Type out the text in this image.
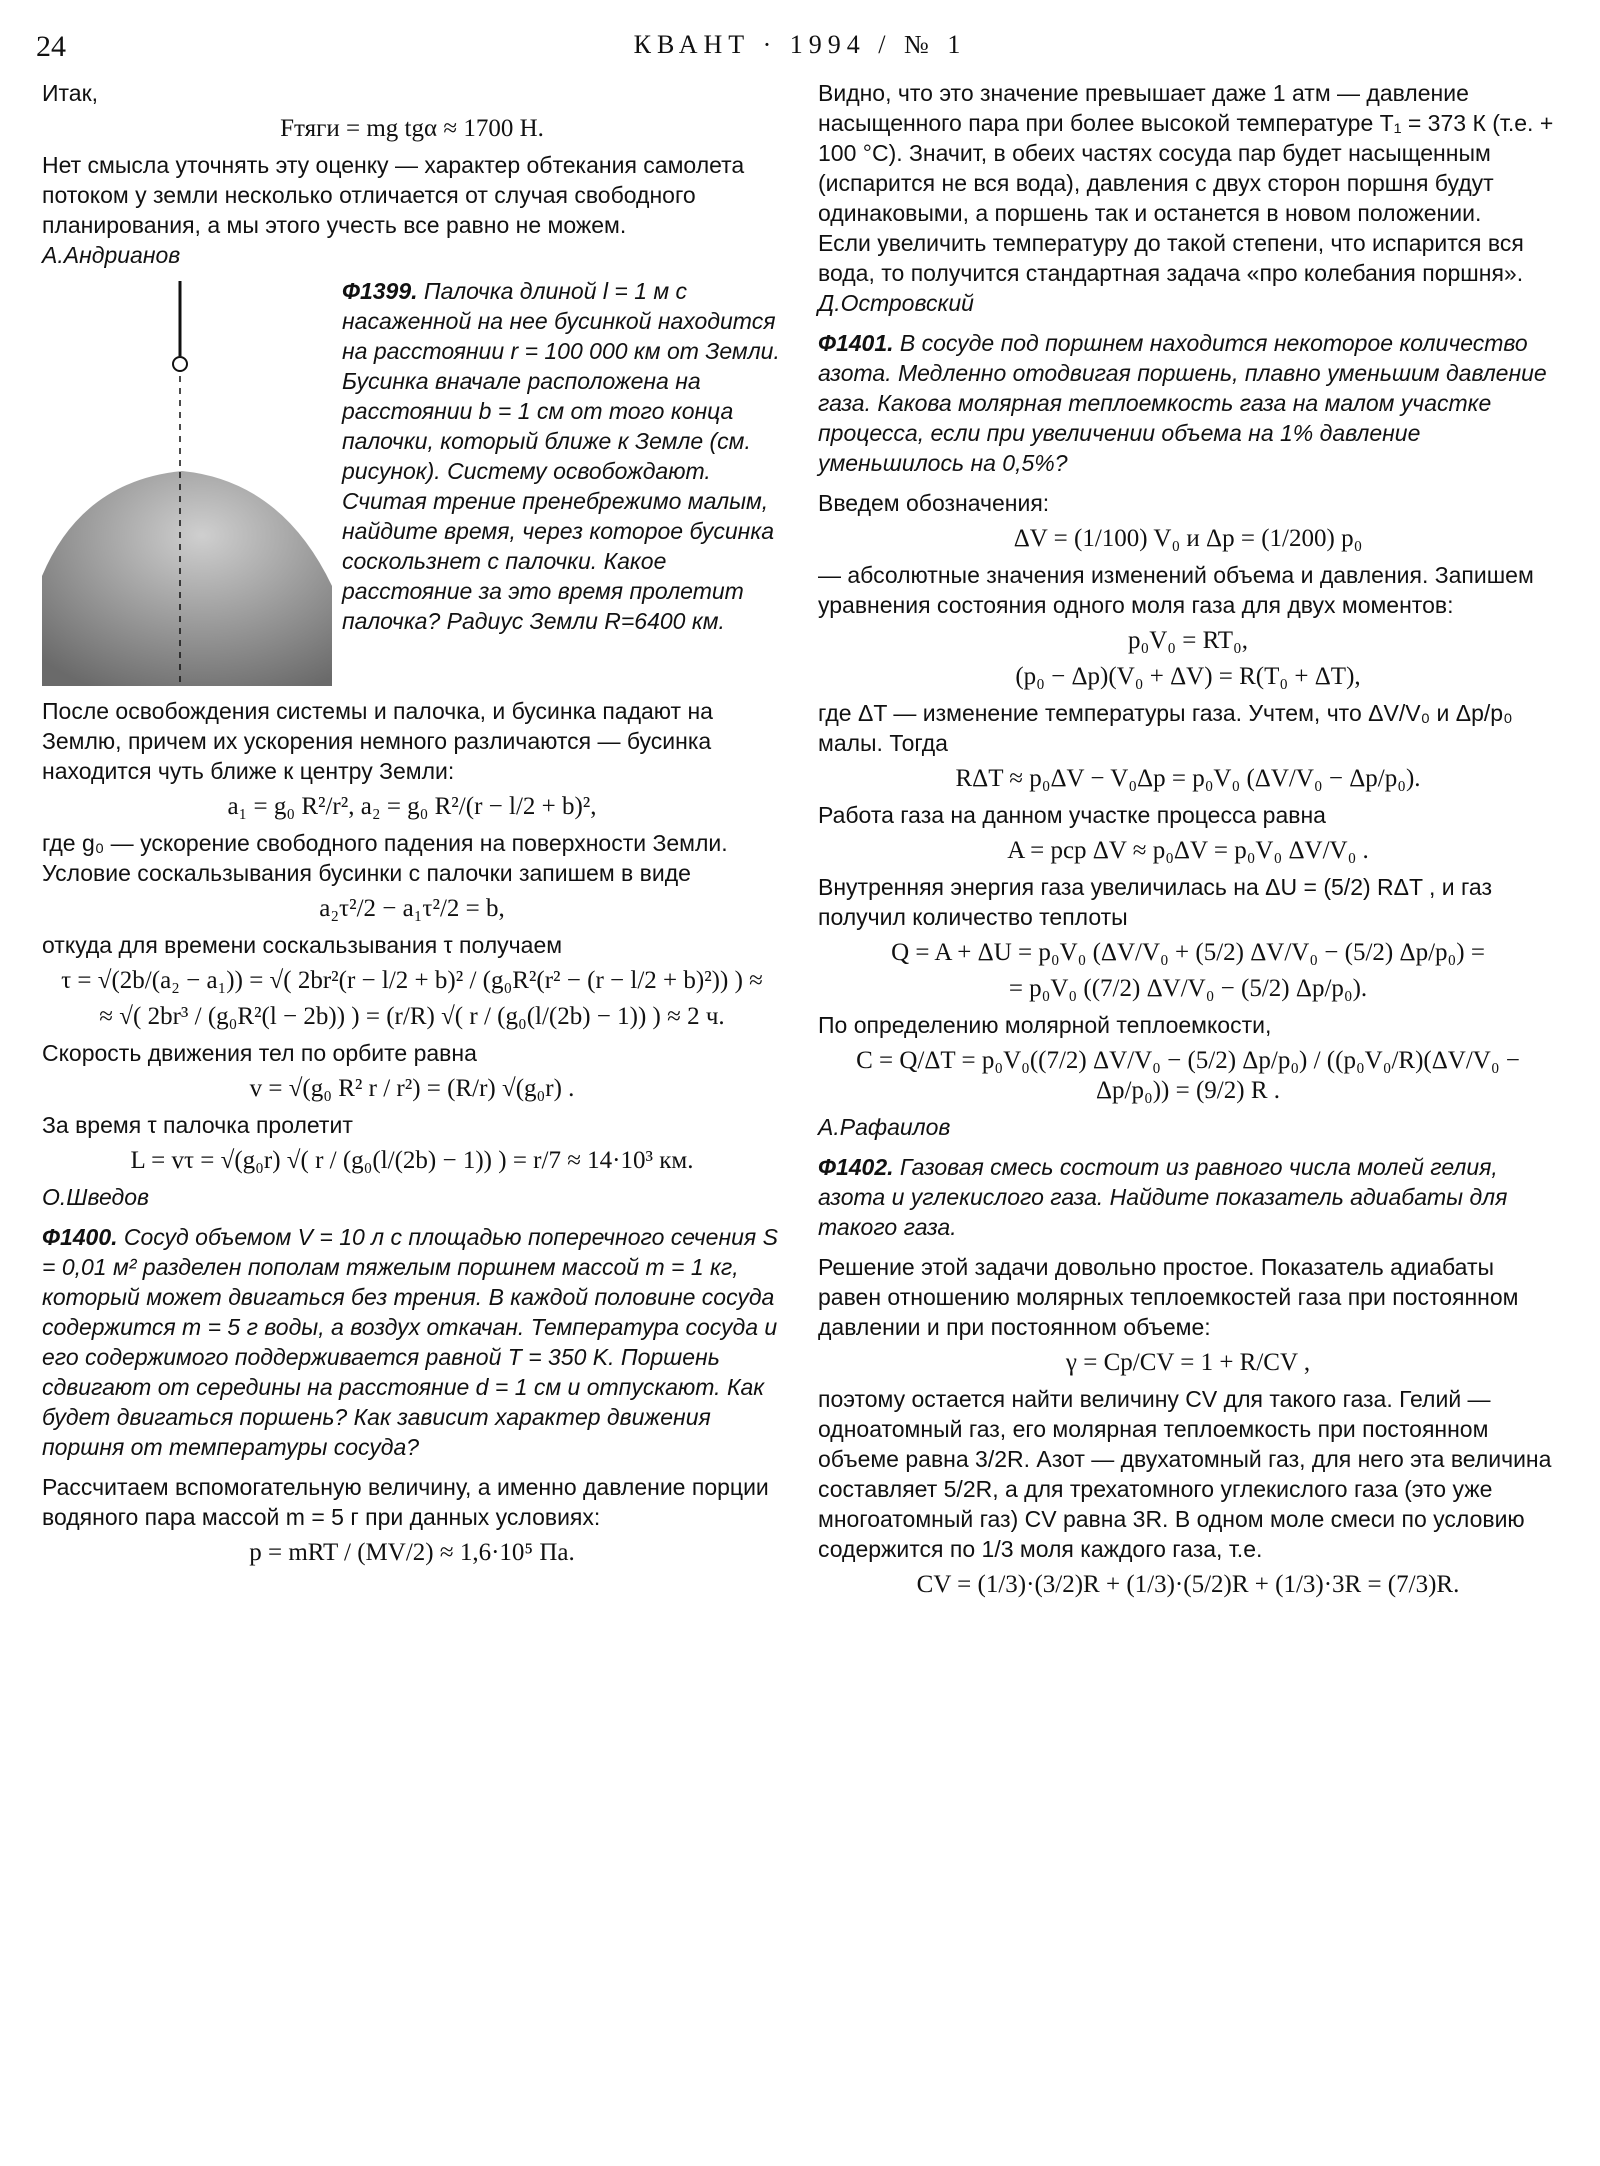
24	КВАНТ · 1994 / № 1

Итак,

Fтяги = mg tgα ≈ 1700 Н.

Нет смысла уточнять эту оценку — характер обтекания самолета потоком у земли несколько отличается от случая свободного планирования, а мы этого учесть все равно не можем.

А.Андрианов

Ф1399. Палочка длиной l = 1 м с насаженной на нее бусинкой находится на расстоянии r = 100 000 км от Земли. Бусинка вначале расположена на расстоянии b = 1 см от того конца палочки, который ближе к Земле (см. рисунок). Систему освобождают. Считая трение пренебрежимо малым, найдите время, через которое бусинка соскользнет с палочки. Какое расстояние за это время пролетит палочка? Радиус Земли R=6400 км.

После освобождения системы и палочка, и бусинка падают на Землю, причем их ускорения немного различаются — бусинка находится чуть ближе к центру Земли:

a₁ = g₀ R²/r², a₂ = g₀ R²/(r − l/2 + b)²,

где g₀ — ускорение свободного падения на поверхности Земли. Условие соскальзывания бусинки с палочки запишем в виде

a₂τ²/2 − a₁τ²/2 = b,

откуда для времени соскальзывания τ получаем

τ = √(2b/(a₂ − a₁)) = √( 2br²(r − l/2 + b)² / (g₀R²(r² − (r − l/2 + b)²)) ) ≈
≈ √( 2br³ / (g₀R²(l − 2b)) ) = (r/R) √( r / (g₀(l/(2b) − 1)) ) ≈ 2 ч.

Скорость движения тел по орбите равна

v = √(g₀ R² r / r²) = (R/r) √(g₀r) .

За время τ палочка пролетит

L = vτ = √(g₀r) √( r / (g₀(l/(2b) − 1)) ) = r/7 ≈ 14·10³ км.

О.Шведов

Ф1400. Сосуд объемом V = 10 л с площадью поперечного сечения S = 0,01 м² разделен пополам тяжелым поршнем массой m = 1 кг, который может двигаться без трения. В каждой половине сосуда содержится m = 5 г воды, а воздух откачан. Температура сосуда и его содержимого поддерживается равной T = 350 K. Поршень сдвигают от середины на расстояние d = 1 см и отпускают. Как будет двигаться поршень? Как зависит характер движения поршня от температуры сосуда?

Рассчитаем вспомогательную величину, а именно давление порции водяного пара массой m = 5 г при данных условиях:

p = mRT / (MV/2) ≈ 1,6·10⁵ Па.

Видно, что это значение превышает даже 1 атм — давление насыщенного пара при более высокой температуре T₁ = 373 К (т.е. + 100 °С). Значит, в обеих частях сосуда пар будет насыщенным (испарится не вся вода), давления с двух сторон поршня будут одинаковыми, а поршень так и останется в новом положении.

Если увеличить температуру до такой степени, что испарится вся вода, то получится стандартная задача «про колебания поршня».

Д.Островский

Ф1401. В сосуде под поршнем находится некоторое количество азота. Медленно отодвигая поршень, плавно уменьшим давление газа. Какова молярная теплоемкость газа на малом участке процесса, если при увеличении объема на 1% давление уменьшилось на 0,5%?

Введем обозначения:

ΔV = (1/100) V₀ и Δp = (1/200) p₀

— абсолютные значения изменений объема и давления. Запишем уравнения состояния одного моля газа для двух моментов:

p₀V₀ = RT₀,
(p₀ − Δp)(V₀ + ΔV) = R(T₀ + ΔT),

где ΔT — изменение температуры газа. Учтем, что ΔV/V₀ и Δp/p₀ малы. Тогда

RΔT ≈ p₀ΔV − V₀Δp = p₀V₀ (ΔV/V₀ − Δp/p₀).

Работа газа на данном участке процесса равна

A = pср ΔV ≈ p₀ΔV = p₀V₀ ΔV/V₀ .

Внутренняя энергия газа увеличилась на ΔU = (5/2) RΔT , и газ получил количество теплоты

Q = A + ΔU = p₀V₀ (ΔV/V₀ + (5/2) ΔV/V₀ − (5/2) Δp/p₀) =
= p₀V₀ ((7/2) ΔV/V₀ − (5/2) Δp/p₀).

По определению молярной теплоемкости,

C = Q/ΔT = p₀V₀((7/2) ΔV/V₀ − (5/2) Δp/p₀) / ((p₀V₀/R)(ΔV/V₀ − Δp/p₀)) = (9/2) R .

А.Рафаилов

Ф1402. Газовая смесь состоит из равного числа молей гелия, азота и углекислого газа. Найдите показатель адиабаты для такого газа.

Решение этой задачи довольно простое. Показатель адиабаты равен отношению молярных теплоемкостей газа при постоянном давлении и при постоянном объеме:

γ = Cp/CV = 1 + R/CV ,

поэтому остается найти величину CV для такого газа. Гелий — одноатомный газ, его молярная теплоемкость при постоянном объеме равна 3/2R. Азот — двухатомный газ, для него эта величина составляет 5/2R, а для трехатомного углекислого газа (это уже многоатомный газ) CV равна 3R. В одном моле смеси по условию содержится по 1/3 моля каждого газа, т.е.

CV = (1/3)·(3/2)R + (1/3)·(5/2)R + (1/3)·3R = (7/3)R.
